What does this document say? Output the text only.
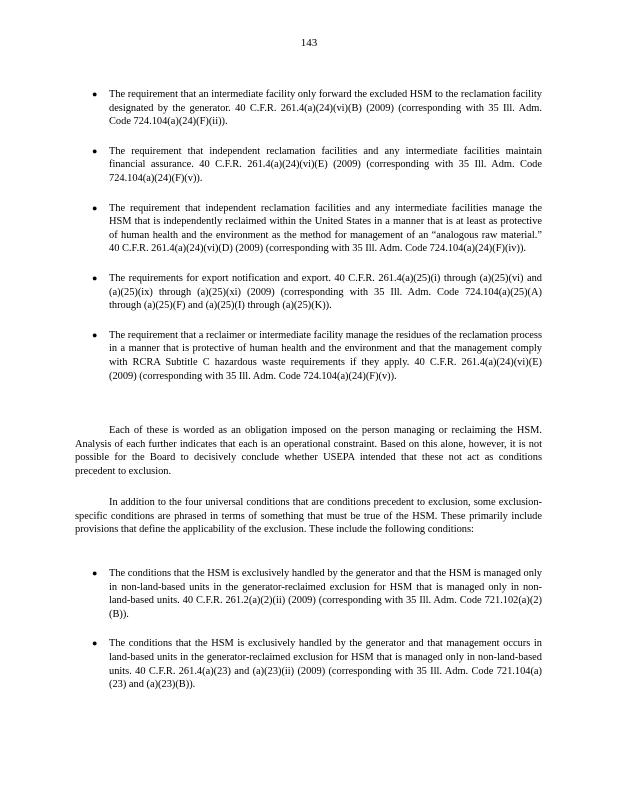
143
● The requirement that an intermediate facility only forward the excluded HSM to the reclamation facility designated by the generator. 40 C.F.R. 261.4(a)(24)(vi)(B) (2009) (corresponding with 35 Ill. Adm. Code 724.104(a)(24)(F)(ii)).
● The requirement that independent reclamation facilities and any intermediate facilities maintain financial assurance. 40 C.F.R. 261.4(a)(24)(vi)(E) (2009) (corresponding with 35 Ill. Adm. Code 724.104(a)(24)(F)(v)).
● The requirement that independent reclamation facilities and any intermediate facilities manage the HSM that is independently reclaimed within the United States in a manner that is at least as protective of human health and the environment as the method for management of an “analogous raw material.” 40 C.F.R. 261.4(a)(24)(vi)(D) (2009) (corresponding with 35 Ill. Adm. Code 724.104(a)(24)(F)(iv)).
● The requirements for export notification and export. 40 C.F.R. 261.4(a)(25)(i) through (a)(25)(vi) and (a)(25)(ix) through (a)(25)(xi) (2009) (corresponding with 35 Ill. Adm. Code 724.104(a)(25)(A) through (a)(25)(F) and (a)(25)(I) through (a)(25)(K)).
● The requirement that a reclaimer or intermediate facility manage the residues of the reclamation process in a manner that is protective of human health and the environment and that the management comply with RCRA Subtitle C hazardous waste requirements if they apply. 40 C.F.R. 261.4(a)(24)(vi)(E) (2009) (corresponding with 35 Ill. Adm. Code 724.104(a)(24)(F)(v)).

Each of these is worded as an obligation imposed on the person managing or reclaiming the HSM. Analysis of each further indicates that each is an operational constraint. Based on this alone, however, it is not possible for the Board to decisively conclude whether USEPA intended that these not act as conditions precedent to exclusion.

In addition to the four universal conditions that are conditions precedent to exclusion, some exclusion-specific conditions are phrased in terms of something that must be true of the HSM. These primarily include provisions that define the applicability of the exclusion. These include the following conditions:

● The conditions that the HSM is exclusively handled by the generator and that the HSM is managed only in non-land-based units in the generator-reclaimed exclusion for HSM that is managed only in non-land-based units. 40 C.F.R. 261.2(a)(2)(ii) (2009) (corresponding with 35 Ill. Adm. Code 721.102(a)(2)(B)).
● The conditions that the HSM is exclusively handled by the generator and that management occurs in land-based units in the generator-reclaimed exclusion for HSM that is managed only in non-land-based units. 40 C.F.R. 261.4(a)(23) and (a)(23)(ii) (2009) (corresponding with 35 Ill. Adm. Code 721.104(a)(23) and (a)(23)(B)).
